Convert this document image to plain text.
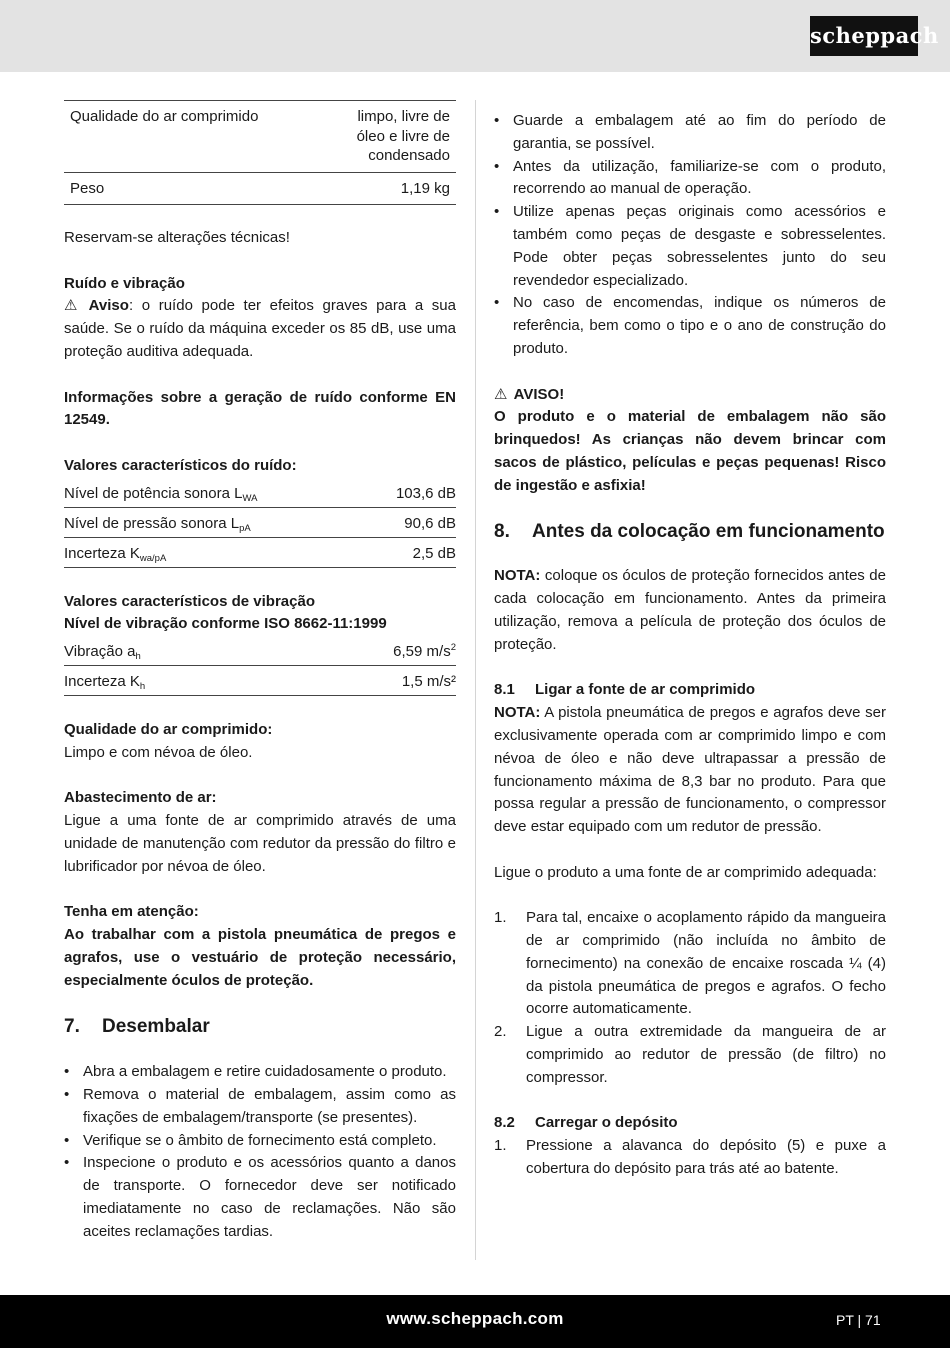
scheppach
Qualidade do ar comprimido	limpo, livre de óleo e livre de condensado
Peso	1,19 kg

Reservam-se alterações técnicas!

Ruído e vibração

⚠ Aviso: o ruído pode ter efeitos graves para a sua saúde. Se o ruído da máquina exceder os 85 dB, use uma proteção auditiva adequada.

Informações sobre a geração de ruído conforme EN 12549.

Valores característicos do ruído:

Nível de potência sonora $L_{WA}$	103,6 dB
Nível de pressão sonora $L_{pA}$	90,6 dB
Incerteza $K_{wa/pA}$	2,5 dB

Valores característicos de vibração

Nível de vibração conforme ISO 8662-11:1999

Vibração $a_h$	6,59 $m/s^2$
Incerteza $K_h$	1,5 m/s²

Qualidade do ar comprimido:

Limpo e com névoa de óleo.

Abastecimento de ar:

Ligue a uma fonte de ar comprimido através de uma unidade de manutenção com redutor da pressão do filtro e lubrificador por névoa de óleo.

Tenha em atenção:

Ao trabalhar com a pistola pneumática de pregos e agrafos, use o vestuário de proteção necessário, especialmente óculos de proteção.

7.	Desembalar
• Abra a embalagem e retire cuidadosamente o produto.
• Remova o material de embalagem, assim como as fixações de embalagem/transporte (se presentes).
• Verifique se o âmbito de fornecimento está completo.
• Inspecione o produto e os acessórios quanto a danos de transporte. O fornecedor deve ser notificado imediatamente no caso de reclamações. Não são aceites reclamações tardias.
• Guarde a embalagem até ao fim do período de garantia, se possível.
• Antes da utilização, familiarize-se com o produto, recorrendo ao manual de operação.
• Utilize apenas peças originais como acessórios e também como peças de desgaste e sobresselentes. Pode obter peças sobresselentes junto do seu revendedor especializado.
• No caso de encomendas, indique os números de referência, bem como o tipo e o ano de construção do produto.

⚠ AVISO!

O produto e o material de embalagem não são brinquedos! As crianças não devem brincar com sacos de plástico, películas e peças pequenas! Risco de ingestão e asfixia!

8.	Antes da colocação em funcionamento

NOTA: coloque os óculos de proteção fornecidos antes de cada colocação em funcionamento. Antes da primeira utilização, remova a película de proteção dos óculos de proteção.

8.1	Ligar a fonte de ar comprimido

NOTA: A pistola pneumática de pregos e agrafos deve ser exclusivamente operada com ar comprimido limpo e com névoa de óleo e não deve ultrapassar a pressão de funcionamento máxima de 8,3 bar no produto. Para que possa regular a pressão de funcionamento, o compressor deve estar equipado com um redutor de pressão.

Ligue o produto a uma fonte de ar comprimido adequada:

1.	Para tal, encaixe o acoplamento rápido da mangueira de ar comprimido (não incluída no âmbito de fornecimento) na conexão de encaixe roscada ¼ (4) da pistola pneumática de pregos e agrafos. O fecho ocorre automaticamente.
2.	Ligue a outra extremidade da mangueira de ar comprimido ao redutor de pressão (de filtro) no compressor.
8.2	Carregar o depósito
1.	Pressione a alavanca do depósito (5) e puxe a cobertura do depósito para trás até ao batente.
www.scheppach.com	PT | 71
